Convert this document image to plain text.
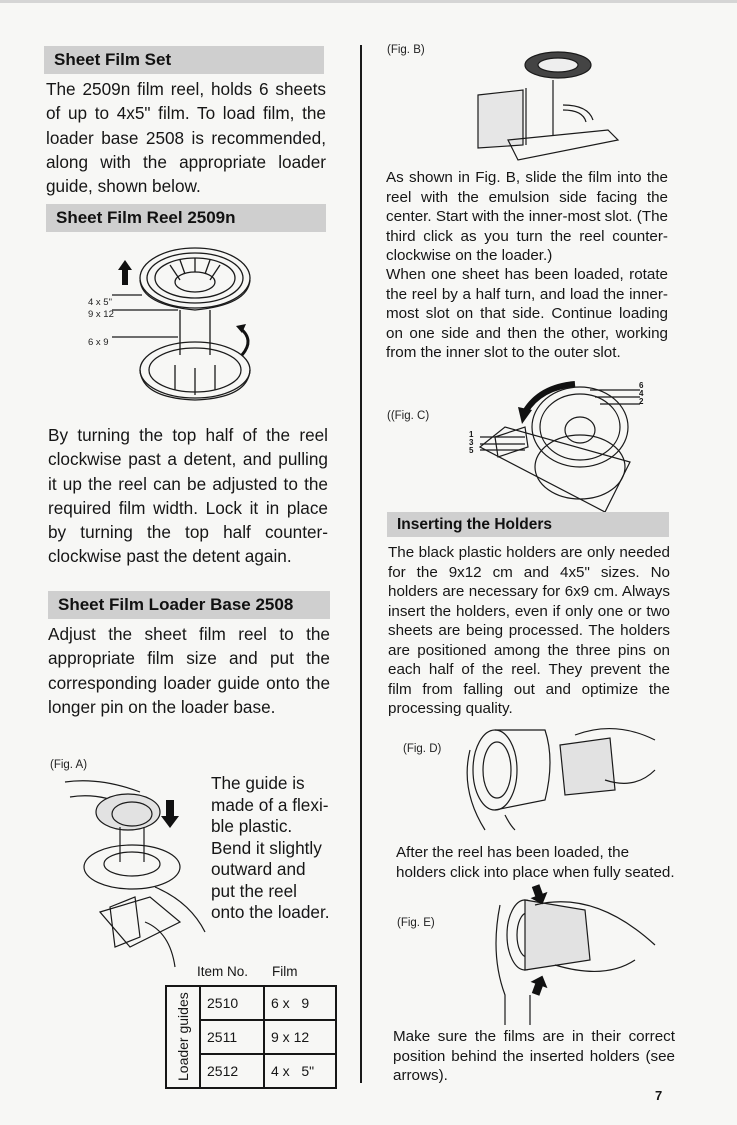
Sheet Film Set
The 2509n film reel, holds 6 sheets of up to 4x5" film. To load film, the loader base 2508 is recommended, along with the appropriate loader guide, shown below.
Sheet Film Reel 2509n
4 x 5"
9 x 12
6 x 9
By turning the top half of the reel clockwise past a detent, and pulling it up the reel can be adjusted to the required film width. Lock it in place by turning the top half counter-clockwise past the detent again.
Sheet Film Loader Base 2508
Adjust the sheet film reel to the appropriate film size and put the corresponding loader guide onto the longer pin on the loader base.
(Fig. A)
The guide is made of a flexi-ble plastic. Bend it slightly outward and put the reel onto the loader.
Item No. Film
Loader guides	2510	6 x   9
	2511	9 x 12
	2512	4 x   5"
(Fig. B)
As shown in Fig. B, slide the film into the reel with the emulsion side facing the center. Start with the inner-most slot. (The third click as you turn the reel counter-clockwise on the loader.)
When one sheet has been loaded, rotate the reel by a half turn, and load the inner-most slot on that side. Continue loading on one side and then the other, working from the inner slot to the outer slot.
((Fig. C)
6
4
2
1
3
5
Inserting the Holders
The black plastic holders are only needed for the 9x12 cm and 4x5" sizes. No holders are necessary for 6x9 cm. Always insert the holders, even if only one or two sheets are being processed. The holders are positioned among the three pins on each half of the reel. They prevent the film from falling out and optimize the processing quality.
(Fig. D)
After the reel has been loaded, the holders click into place when fully seated.
(Fig. E)
Make sure the films are in their correct position behind the inserted holders (see arrows).
7
